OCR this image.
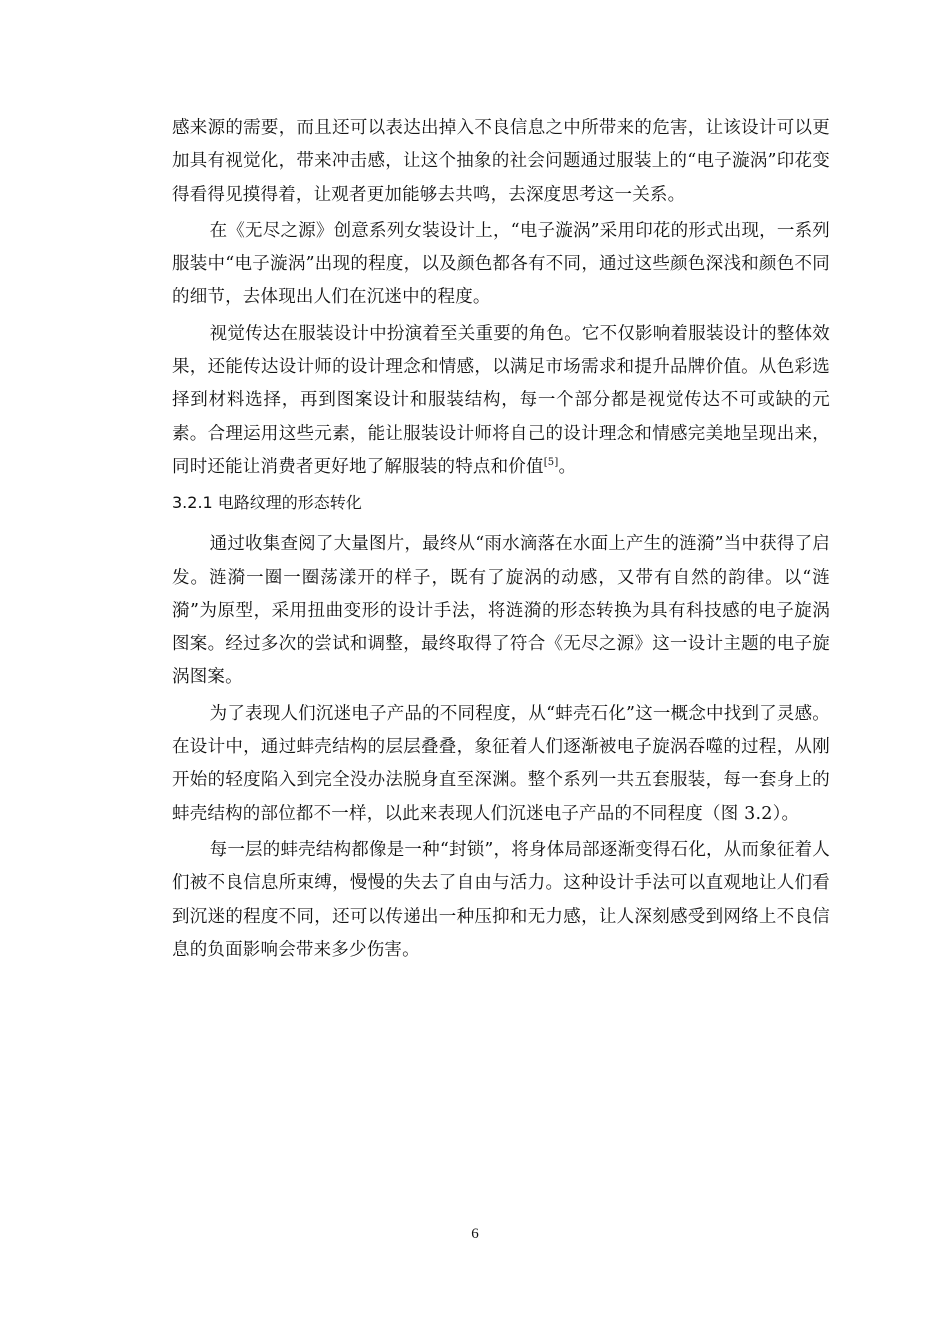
感来源的需要，而且还可以表达出掉入不良信息之中所带来的危害，让该设计可以更加具有视觉化，带来冲击感，让这个抽象的社会问题通过服装上的“电子漩涡”印花变得看得见摸得着，让观者更加能够去共鸣，去深度思考这一关系。

在《无尽之源》创意系列女装设计上，“电子漩涡”采用印花的形式出现，一系列服装中“电子漩涡”出现的程度，以及颜色都各有不同，通过这些颜色深浅和颜色不同的细节，去体现出人们在沉迷中的程度。

视觉传达在服装设计中扮演着至关重要的角色。它不仅影响着服装设计的整体效果，还能传达设计师的设计理念和情感，以满足市场需求和提升品牌价值。从色彩选择到材料选择，再到图案设计和服装结构，每一个部分都是视觉传达不可或缺的元素。合理运用这些元素，能让服装设计师将自己的设计理念和情感完美地呈现出来，同时还能让消费者更好地了解服装的特点和价值[5]。

3.2.1 电路纹理的形态转化

通过收集查阅了大量图片，最终从“雨水滴落在水面上产生的涟漪”当中获得了启发。涟漪一圈一圈荡漾开的样子，既有了旋涡的动感，又带有自然的韵律。以“涟漪”为原型，采用扭曲变形的设计手法，将涟漪的形态转换为具有科技感的电子旋涡图案。经过多次的尝试和调整，最终取得了符合《无尽之源》这一设计主题的电子旋涡图案。

为了表现人们沉迷电子产品的不同程度，从“蚌壳石化”这一概念中找到了灵感。在设计中，通过蚌壳结构的层层叠叠，象征着人们逐渐被电子旋涡吞噬的过程，从刚开始的轻度陷入到完全没办法脱身直至深渊。整个系列一共五套服装，每一套身上的蚌壳结构的部位都不一样，以此来表现人们沉迷电子产品的不同程度（图 3.2）。

每一层的蚌壳结构都像是一种“封锁”，将身体局部逐渐变得石化，从而象征着人们被不良信息所束缚，慢慢的失去了自由与活力。这种设计手法可以直观地让人们看到沉迷的程度不同，还可以传递出一种压抑和无力感，让人深刻感受到网络上不良信息的负面影响会带来多少伤害。

6
